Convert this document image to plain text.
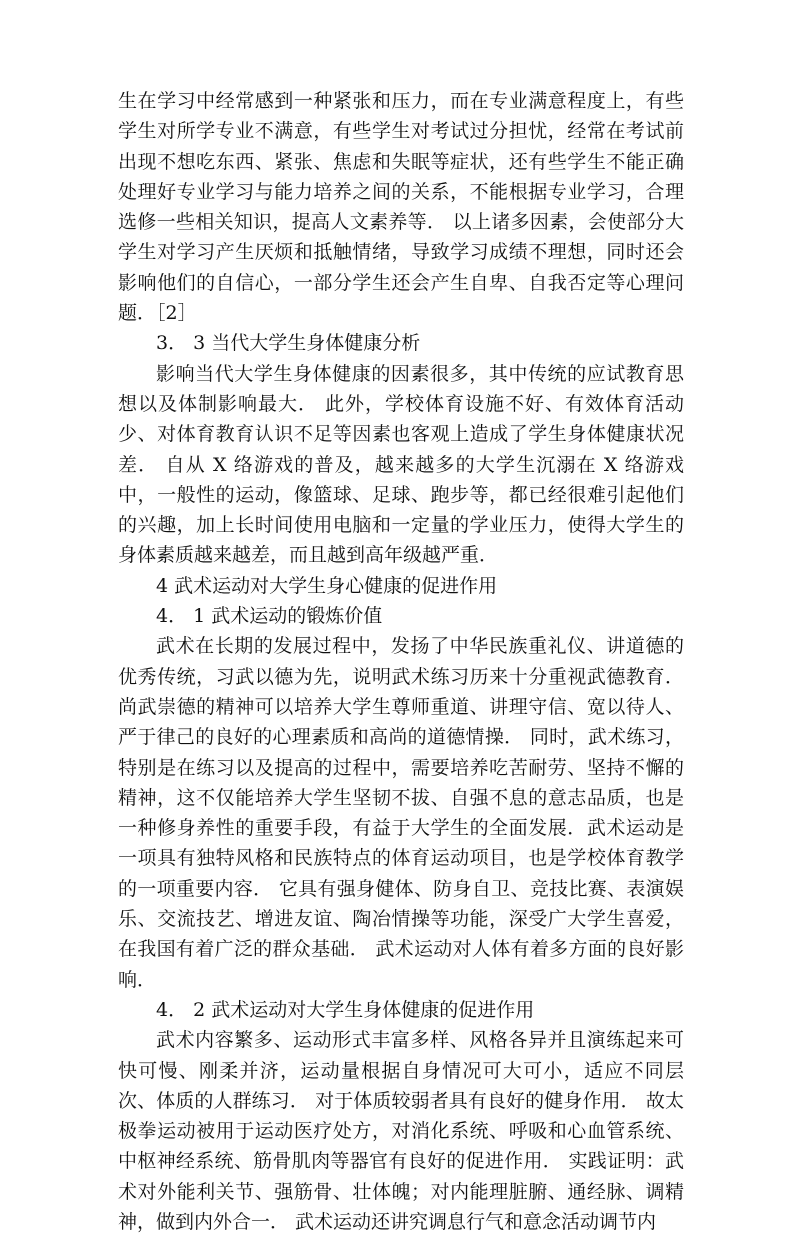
生在学习中经常感到一种紧张和压力，而在专业满意程度上，有些学生对所学专业不满意，有些学生对考试过分担忧，经常在考试前出现不想吃东西、紧张、焦虑和失眠等症状，还有些学生不能正确处理好专业学习与能力培养之间的关系，不能根据专业学习，合理选修一些相关知识，提高人文素养等． 以上诸多因素，会使部分大学生对学习产生厌烦和抵触情绪，导致学习成绩不理想，同时还会影响他们的自信心，一部分学生还会产生自卑、自我否定等心理问题．［2］

3． 3 当代大学生身体健康分析

影响当代大学生身体健康的因素很多，其中传统的应试教育思想以及体制影响最大． 此外，学校体育设施不好、有效体育活动少、对体育教育认识不足等因素也客观上造成了学生身体健康状况差． 自从 X 络游戏的普及，越来越多的大学生沉溺在 X 络游戏中，一般性的运动，像篮球、足球、跑步等，都已经很难引起他们的兴趣，加上长时间使用电脑和一定量的学业压力，使得大学生的身体素质越来越差，而且越到高年级越严重．

4 武术运动对大学生身心健康的促进作用

4． 1 武术运动的锻炼价值

武术在长期的发展过程中，发扬了中华民族重礼仪、讲道德的优秀传统，习武以德为先，说明武术练习历来十分重视武德教育． 尚武崇德的精神可以培养大学生尊师重道、讲理守信、宽以待人、严于律己的良好的心理素质和高尚的道德情操． 同时，武术练习，特别是在练习以及提高的过程中，需要培养吃苦耐劳、坚持不懈的精神，这不仅能培养大学生坚韧不拔、自强不息的意志品质，也是一种修身养性的重要手段，有益于大学生的全面发展．武术运动是一项具有独特风格和民族特点的体育运动项目，也是学校体育教学的一项重要内容． 它具有强身健体、防身自卫、竞技比赛、表演娱乐、交流技艺、增进友谊、陶冶情操等功能，深受广大学生喜爱，在我国有着广泛的群众基础． 武术运动对人体有着多方面的良好影响．

4． 2 武术运动对大学生身体健康的促进作用

武术内容繁多、运动形式丰富多样、风格各异并且演练起来可快可慢、刚柔并济，运动量根据自身情况可大可小，适应不同层次、体质的人群练习． 对于体质较弱者具有良好的健身作用． 故太极拳运动被用于运动医疗处方，对消化系统、呼吸和心血管系统、中枢神经系统、筋骨肌肉等器官有良好的促进作用． 实践证明：武术对外能利关节、强筋骨、壮体魄；对内能理脏腑、通经脉、调精神，做到内外合一． 武术运动还讲究调息行气和意念活动调节内
